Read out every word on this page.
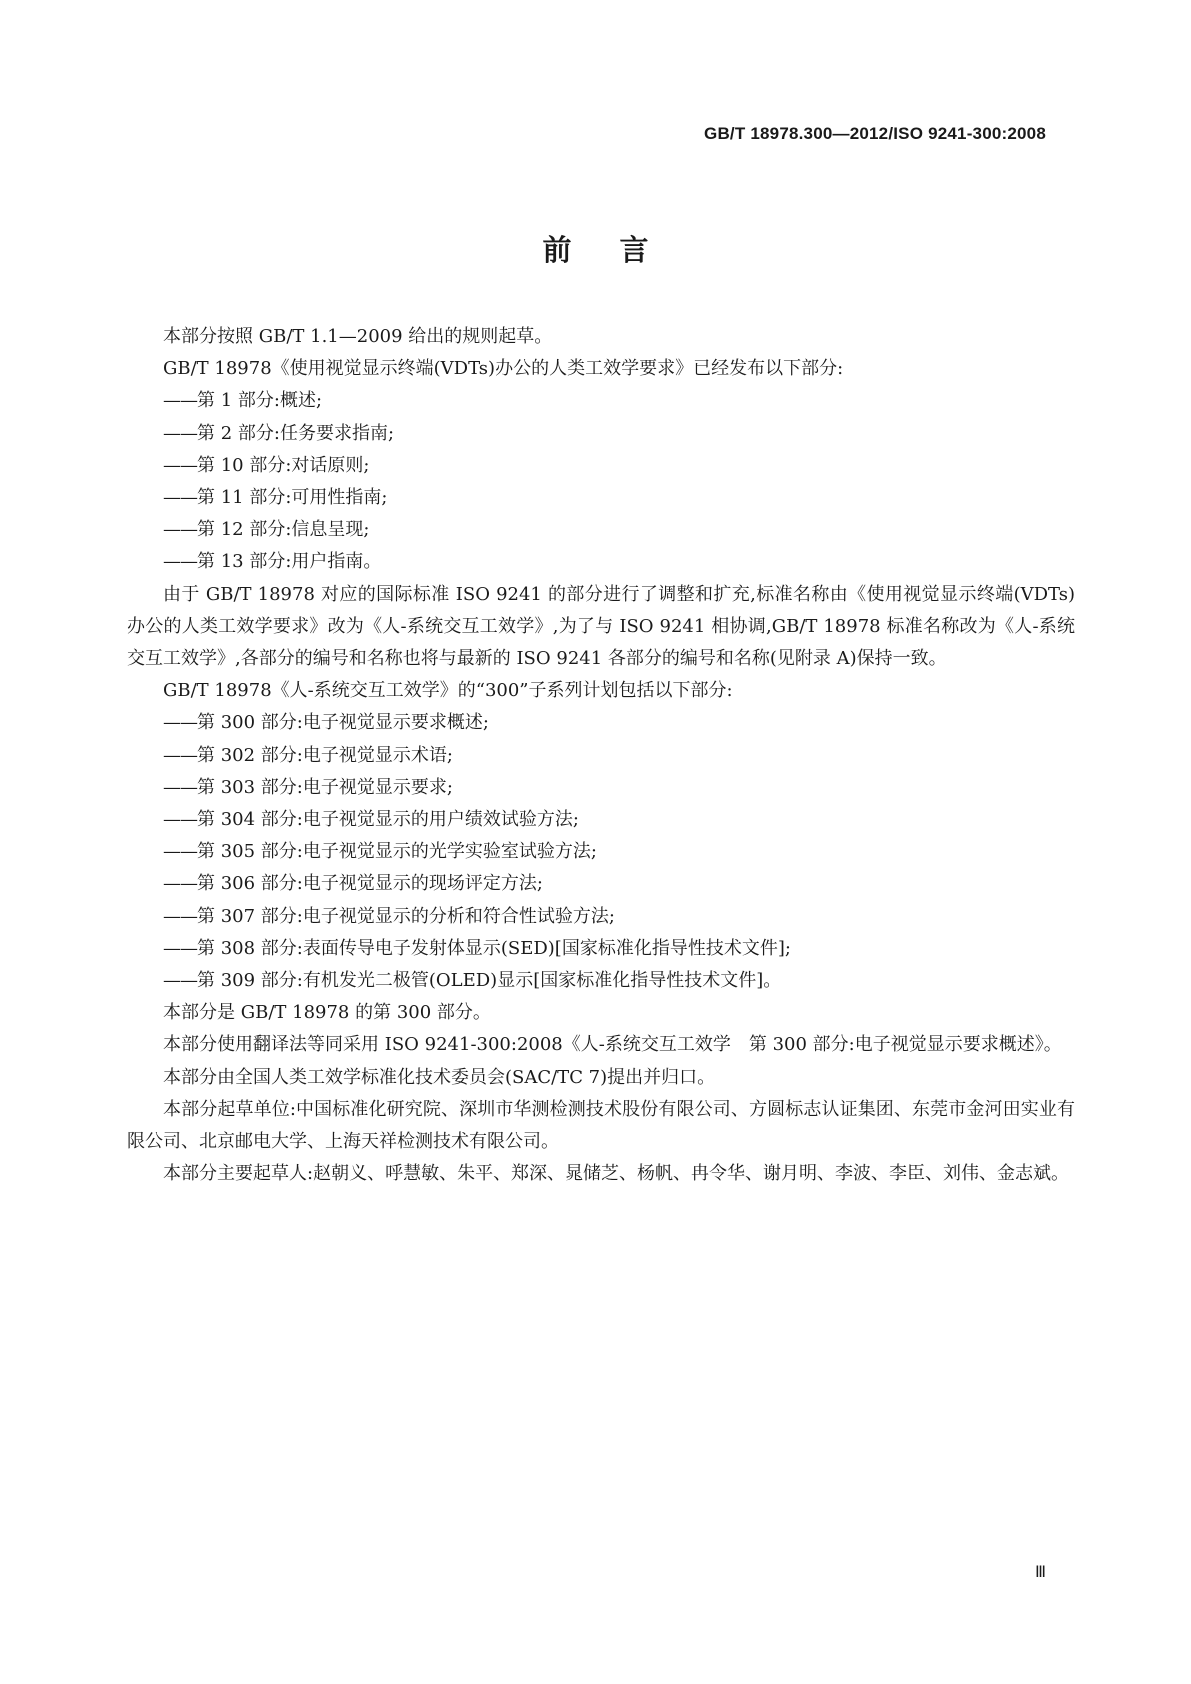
GB/T 18978.300—2012/ISO 9241-300:2008
前言

本部分按照 GB/T 1.1—2009 给出的规则起草。

GB/T 18978《使用视觉显示终端(VDTs)办公的人类工效学要求》已经发布以下部分:

——第 1 部分:概述;

——第 2 部分:任务要求指南;

——第 10 部分:对话原则;

——第 11 部分:可用性指南;

——第 12 部分:信息呈现;

——第 13 部分:用户指南。

由于 GB/T 18978 对应的国际标准 ISO 9241 的部分进行了调整和扩充,标准名称由《使用视觉显示终端(VDTs)办公的人类工效学要求》改为《人-系统交互工效学》,为了与 ISO 9241 相协调,GB/T 18978 标准名称改为《人-系统交互工效学》,各部分的编号和名称也将与最新的 ISO 9241 各部分的编号和名称(见附录 A)保持一致。

GB/T 18978《人-系统交互工效学》的“300”子系列计划包括以下部分:

——第 300 部分:电子视觉显示要求概述;

——第 302 部分:电子视觉显示术语;

——第 303 部分:电子视觉显示要求;

——第 304 部分:电子视觉显示的用户绩效试验方法;

——第 305 部分:电子视觉显示的光学实验室试验方法;

——第 306 部分:电子视觉显示的现场评定方法;

——第 307 部分:电子视觉显示的分析和符合性试验方法;

——第 308 部分:表面传导电子发射体显示(SED)[国家标准化指导性技术文件];

——第 309 部分:有机发光二极管(OLED)显示[国家标准化指导性技术文件]。

本部分是 GB/T 18978 的第 300 部分。

本部分使用翻译法等同采用 ISO 9241-300:2008《人-系统交互工效学　第 300 部分:电子视觉显示要求概述》。

本部分由全国人类工效学标准化技术委员会(SAC/TC 7)提出并归口。

本部分起草单位:中国标准化研究院、深圳市华测检测技术股份有限公司、方圆标志认证集团、东莞市金河田实业有限公司、北京邮电大学、上海天祥检测技术有限公司。

本部分主要起草人:赵朝义、呼慧敏、朱平、郑深、晁储芝、杨帆、冉令华、谢月明、李波、李臣、刘伟、金志斌。

Ⅲ
